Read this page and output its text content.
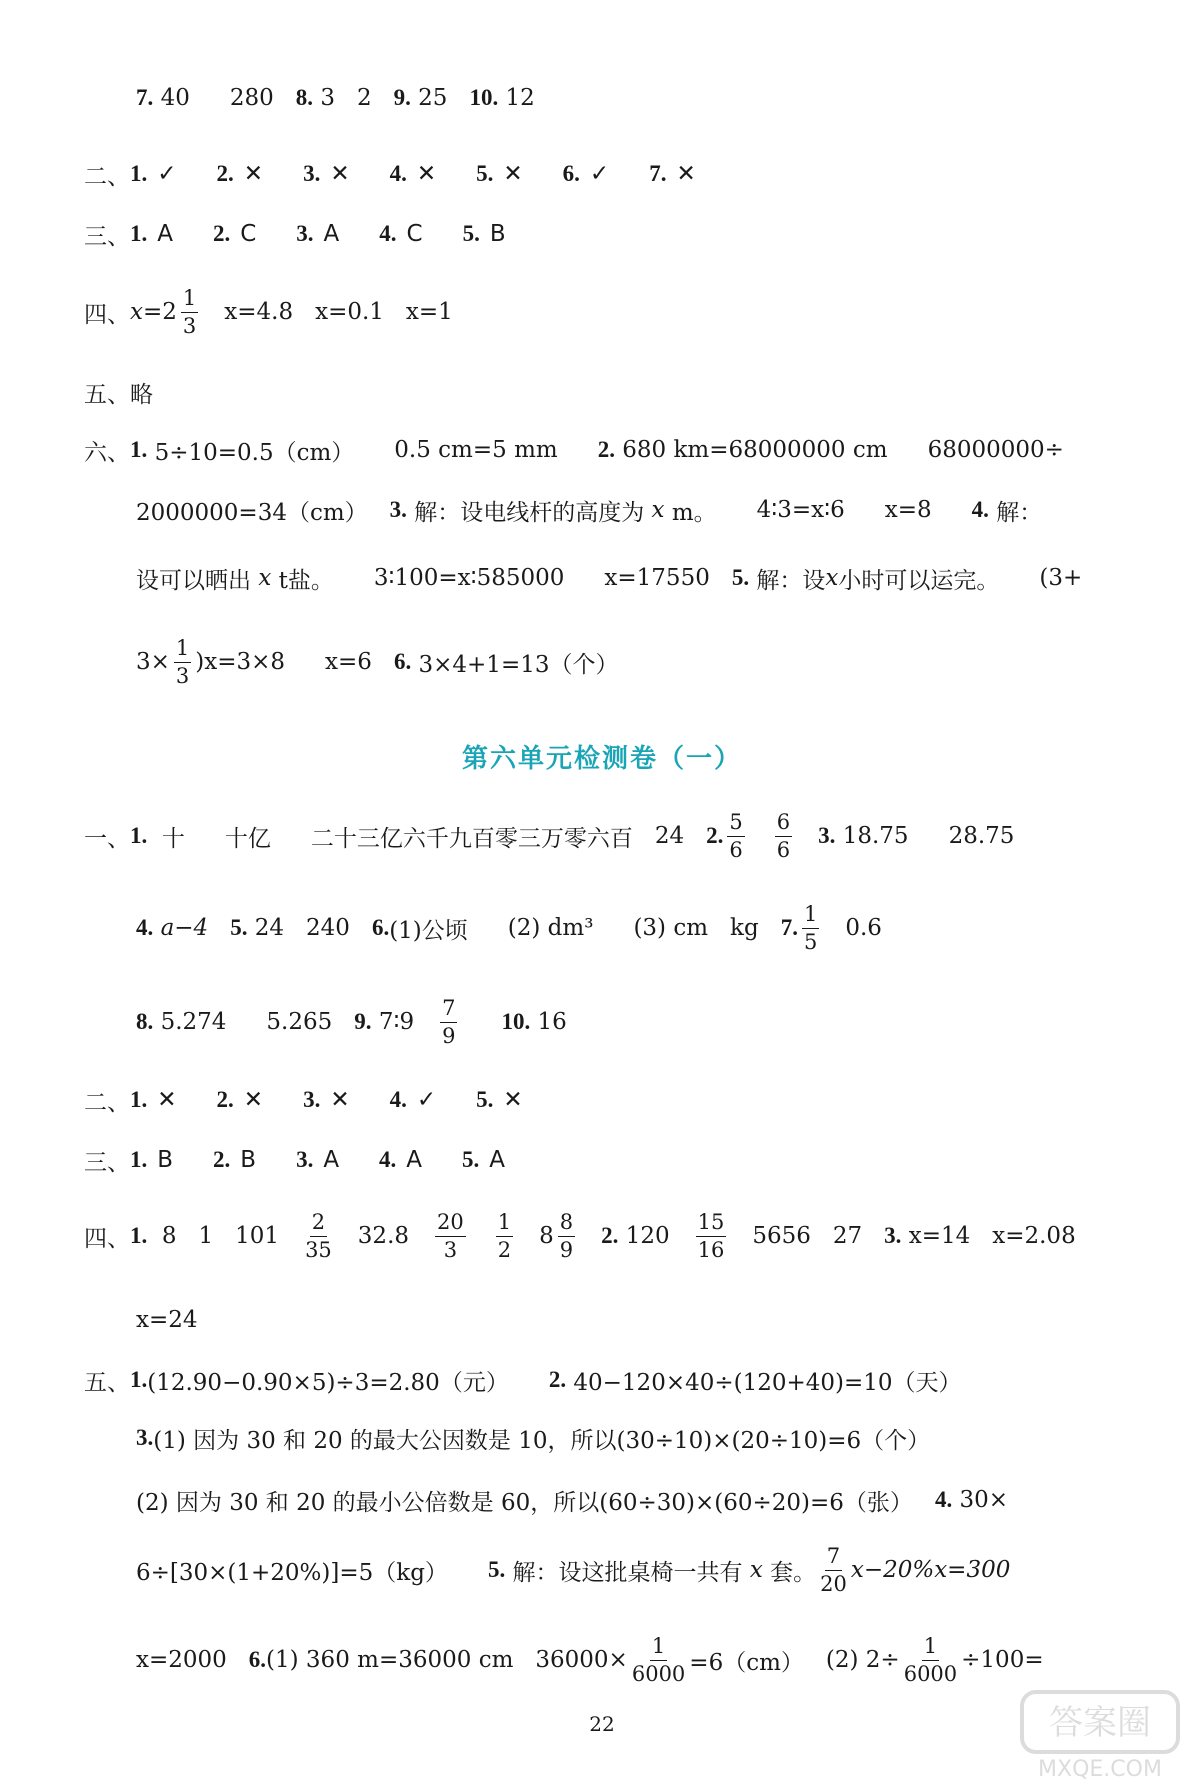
7.
40 280 8.
3 2 9.
25 10.
12
二、 1. ✓ 2. ✕ 3. ✕ 4. ✕ 5. ✕ 6. ✓ 7. ✕
三、 1. A 2. C 3. A 4. C 5. B
四、 $x =2 \frac{1}{3} x=4.8$ x=0.1 x=1
五、 略
六、 1.
5÷10=0.5（cm） 0.5 cm=5 mm 2.
680 km=68000000 cm 68000000÷
2000000=34（cm） 3.
解：设电线杆的高度为
x
m。 4∶3=x∶6 x=8 4.
解：
设可以晒出
x
t盐。 3∶100=x∶585000 x=17550 5.
解：设 x 小时可以运完。 (3+
$3\times \frac{1}{3} )x=3\times 8$ x=6 6.
3×4+1=13（个）
第六单元检测卷（一）
一、 1.
十 十亿 二十三亿六千九百零三万零六百 24 2. $\frac{5}{6} \frac{6}{6} 3$.
18.75 28.75
4.
a−4 5.
24 240 6. (1)公顷 (2) dm³ (3) cm kg 7. $\frac{1}{5} 0.6$
8.
5.274 5.265 9.
7∶9 $\frac{7}{9} 10$.
16
二、 1. ✕ 2. ✕ 3. ✕ 4. ✓ 5. ✕
三、 1. B 2. B 3. A 4. A 5. A
四、 1.
8 1 $101 \frac{2}{35} 32.8 \frac{20}{3} \frac{1}{2} 8 \frac{8}{9} 2$.
$120 \frac{15}{16} 5656$ 27 3.
x=14 x=2.08
x=24
五、 1. (12.90−0.90×5)÷3=2.80（元） 2.
40−120×40÷(120+40)=10（天）
3. (1) 因为 30 和 20 的最大公因数是 10，所以(30÷10)×(20÷10)=6（个）
(2) 因为 30 和 20 的最小公倍数是 60，所以(60÷30)×(60÷20)=6（张） 4.
30×
6÷[30×(1+20%)]=5（kg） 5.
解：设这批桌椅一共有
x
套。 $\frac{7}{20} x-20\%x=300$
x=2000 6. (1) 360 m=36000 cm $36000\times \frac{1}{6000} =6(cm)$ (2) $2\div \frac{1}{6000} \div 100=$
22	答案圈
MXQE.COM
